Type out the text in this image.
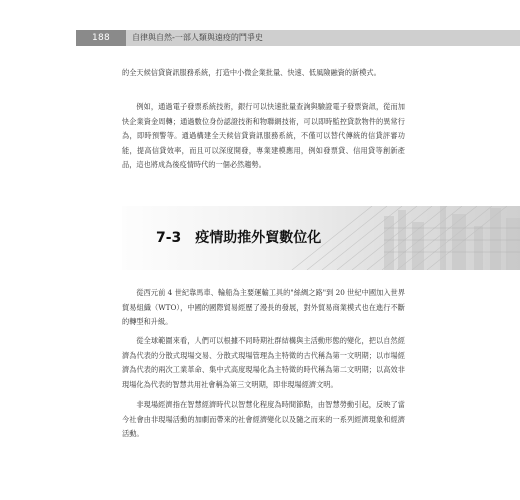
188	自律與自然-一部人類與遠疫的鬥爭史

的全天候信貸資訊服務系統，打造中小微企業批量、快速、低風險融資的新模式。

例如，通過電子發票系統技術，銀行可以快速批量查詢與驗證電子發票資訊，從而加快企業資金周轉；通過數位身份認證技術和物聯網技術，可以即時監控貸款物件的異常行為，即時預警等。通過構建全天候信貸資訊服務系統，不僅可以替代傳統的信貸評審功能，提高信貸效率，而且可以深度開發，專業建模應用，例如發票貸、信用貸等創新產品，這也將成為後疫情時代的一個必然趨勢。

7-3　疫情助推外貿數位化

從西元前 4 世紀靠馬車、輪船為主要運輸工具的"絲綢之路"到 20 世紀中國加入世界貿易組織（WTO），中國的國際貿易經歷了漫長的發展，對外貿易商業模式也在進行不斷的轉型和升級。

從全球範圍來看，人們可以根據不同時期社群結構與主活動形態的變化，把以自然經濟為代表的分散式現場交易、分散式現場管理為主特徵的古代稱為第一文明期；以市場經濟為代表的兩次工業革命、集中式高度現場化為主特徵的時代稱為第二文明期；以高效非現場化為代表的智慧共用社會稱為第三文明期，即非現場經濟文明。

非現場經濟指在智慧經濟時代以智慧化程度為時間節點，由智慧勞動引起，反映了當今社會由非現場活動的加劇而帶來的社會經濟變化以及隨之而來的一系列經濟現象和經濟活動。
